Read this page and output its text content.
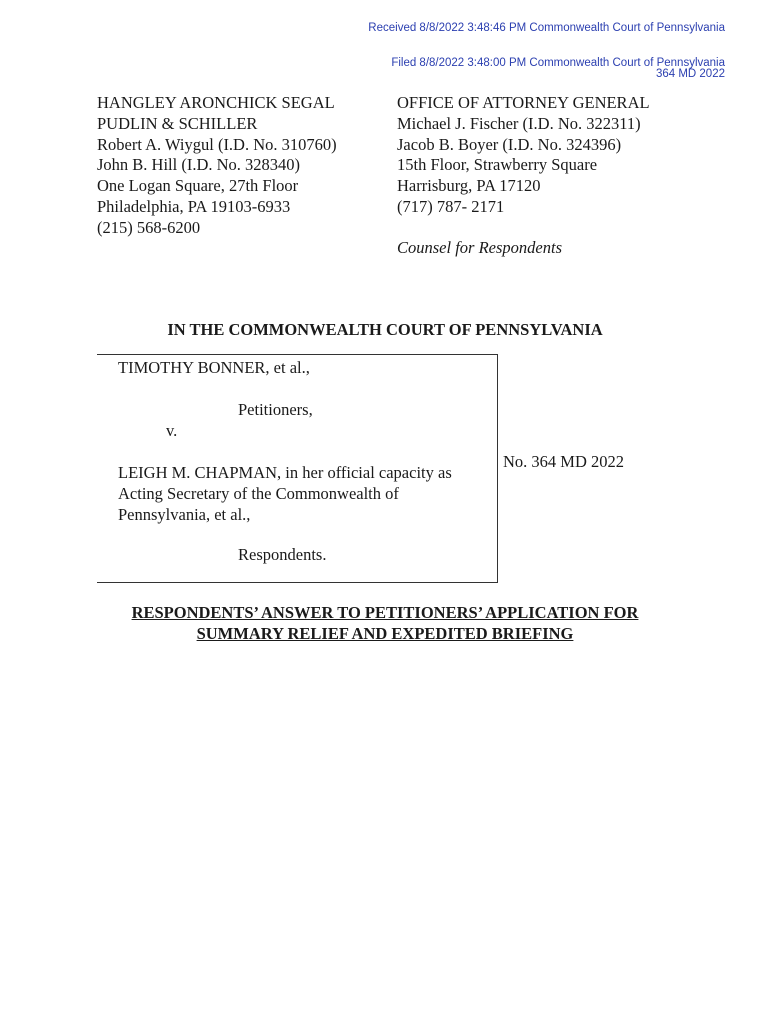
Received 8/8/2022 3:48:46 PM Commonwealth Court of Pennsylvania
Filed 8/8/2022 3:48:00 PM Commonwealth Court of Pennsylvania
364 MD 2022
HANGLEY ARONCHICK SEGAL
PUDLIN & SCHILLER
Robert A. Wiygul (I.D. No. 310760)
John B. Hill (I.D. No. 328340)
One Logan Square, 27th Floor
Philadelphia, PA 19103-6933
(215) 568-6200
OFFICE OF ATTORNEY GENERAL
Michael J. Fischer (I.D. No. 322311)
Jacob B. Boyer (I.D. No. 324396)
15th Floor, Strawberry Square
Harrisburg, PA 17120
(717) 787- 2171
Counsel for Respondents
IN THE COMMONWEALTH COURT OF PENNSYLVANIA
TIMOTHY BONNER, et al.,
Petitioners,
v.
LEIGH M. CHAPMAN, in her official capacity as
Acting Secretary of the Commonwealth of
Pennsylvania, et al.,
Respondents.
No. 364 MD 2022
RESPONDENTS’ ANSWER TO PETITIONERS’ APPLICATION FOR
SUMMARY RELIEF AND EXPEDITED BRIEFING
